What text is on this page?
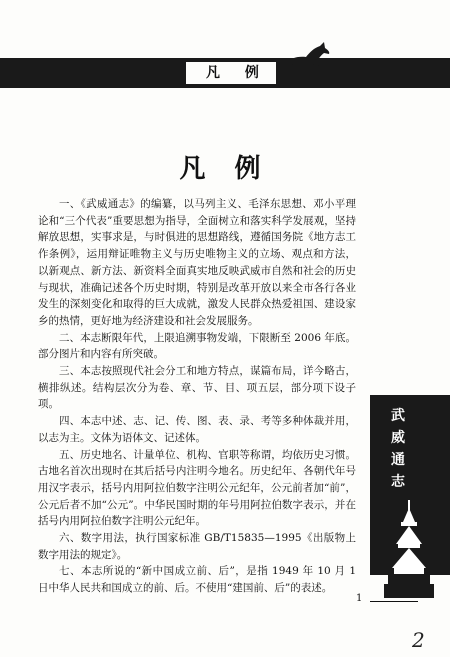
凡 例
凡 例

一、《武威通志》的编纂，以马列主义、毛泽东思想、邓小平理论和“三个代表”重要思想为指导，全面树立和落实科学发展观，坚持解放思想，实事求是，与时俱进的思想路线，遵循国务院《地方志工作条例》，运用辩证唯物主义与历史唯物主义的立场、观点和方法，以新观点、新方法、新资料全面真实地反映武威市自然和社会的历史与现状，准确记述各个历史时期，特别是改革开放以来全市各行各业发生的深刻变化和取得的巨大成就，激发人民群众热爱祖国、建设家乡的热情，更好地为经济建设和社会发展服务。

二、本志断限年代，上限追溯事物发端，下限断至 2006 年底。部分图片和内容有所突破。

三、本志按照现代社会分工和地方特点，谋篇布局，详今略古，横排纵述。结构层次分为卷、章、节、目、项五层，部分项下设子项。

四、本志中述、志、记、传、图、表、录、考等多种体裁并用，以志为主。文体为语体文、记述体。

五、历史地名、计量单位、机构、官职等称谓，均依历史习惯。古地名首次出现时在其后括号内注明今地名。历史纪年、各朝代年号用汉字表示，括号内用阿拉伯数字注明公元纪年，公元前者加“前”，公元后者不加“公元”。中华民国时期的年号用阿拉伯数字表示，并在括号内用阿拉伯数字注明公元纪年。

六、数字用法，执行国家标准 GB/T15835—1995《出版物上数字用法的规定》。

七、本志所说的“新中国成立前、后”，是指 1949 年 10 月 1 日中华人民共和国成立的前、后。不使用“建国前、后”的表述。

武
威
通
志
1
2
